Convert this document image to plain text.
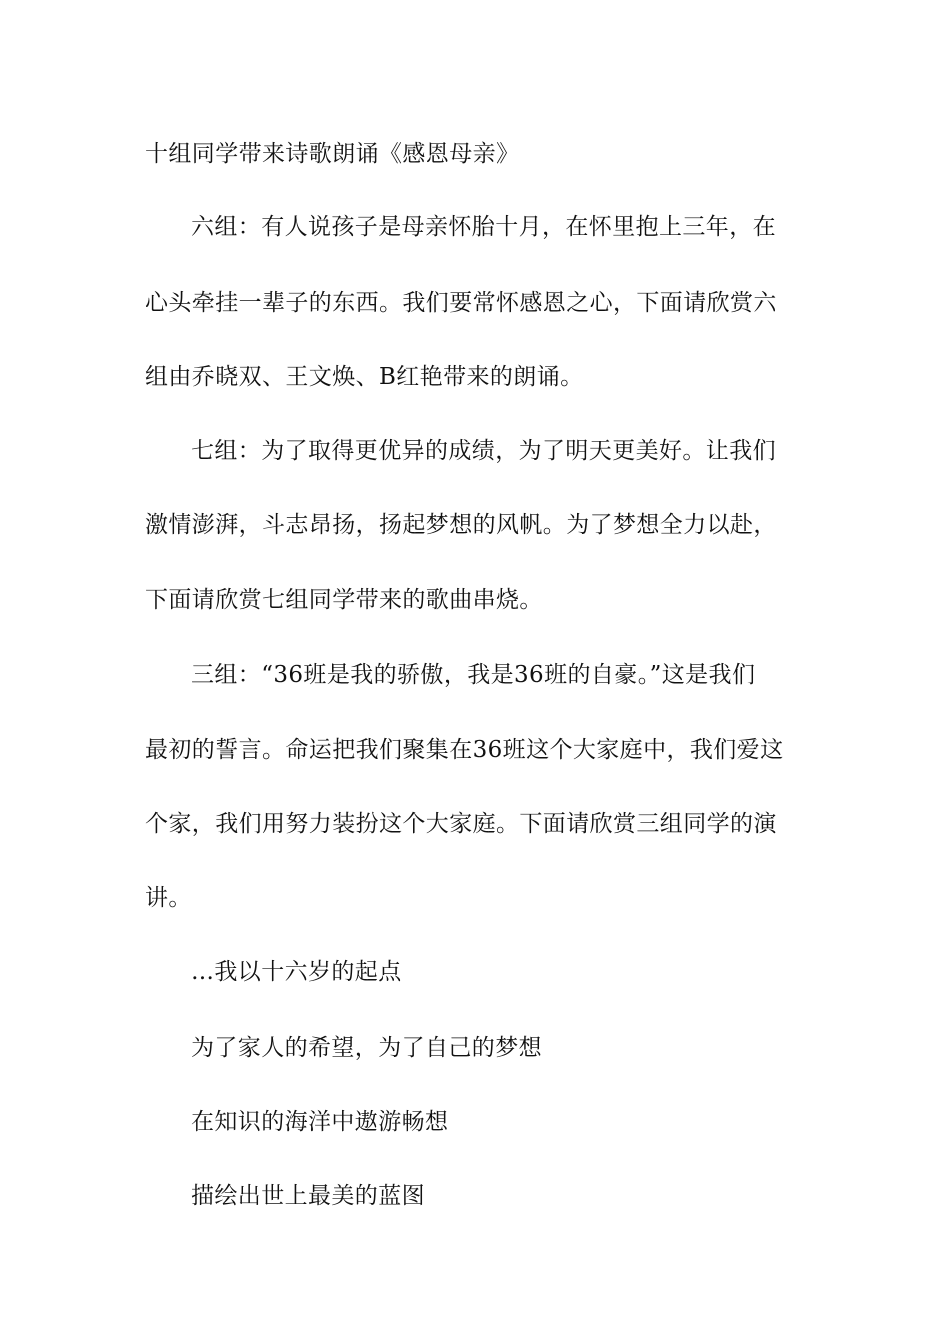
十组同学带来诗歌朗诵《感恩母亲》

六组：有人说孩子是母亲怀胎十月，在怀里抱上三年，在

心头牵挂一辈子的东西。我们要常怀感恩之心，下面请欣赏六

组由乔晓双、王文焕、B红艳带来的朗诵。

七组：为了取得更优异的成绩，为了明天更美好。让我们

激情澎湃，斗志昂扬，扬起梦想的风帆。为了梦想全力以赴，

下面请欣赏七组同学带来的歌曲串烧。

三组：“36班是我的骄傲，我是36班的自豪。”这是我们

最初的誓言。命运把我们聚集在36班这个大家庭中，我们爱这

个家，我们用努力装扮这个大家庭。下面请欣赏三组同学的演

讲。

…我以十六岁的起点

为了家人的希望，为了自己的梦想

在知识的海洋中遨游畅想

描绘出世上最美的蓝图
